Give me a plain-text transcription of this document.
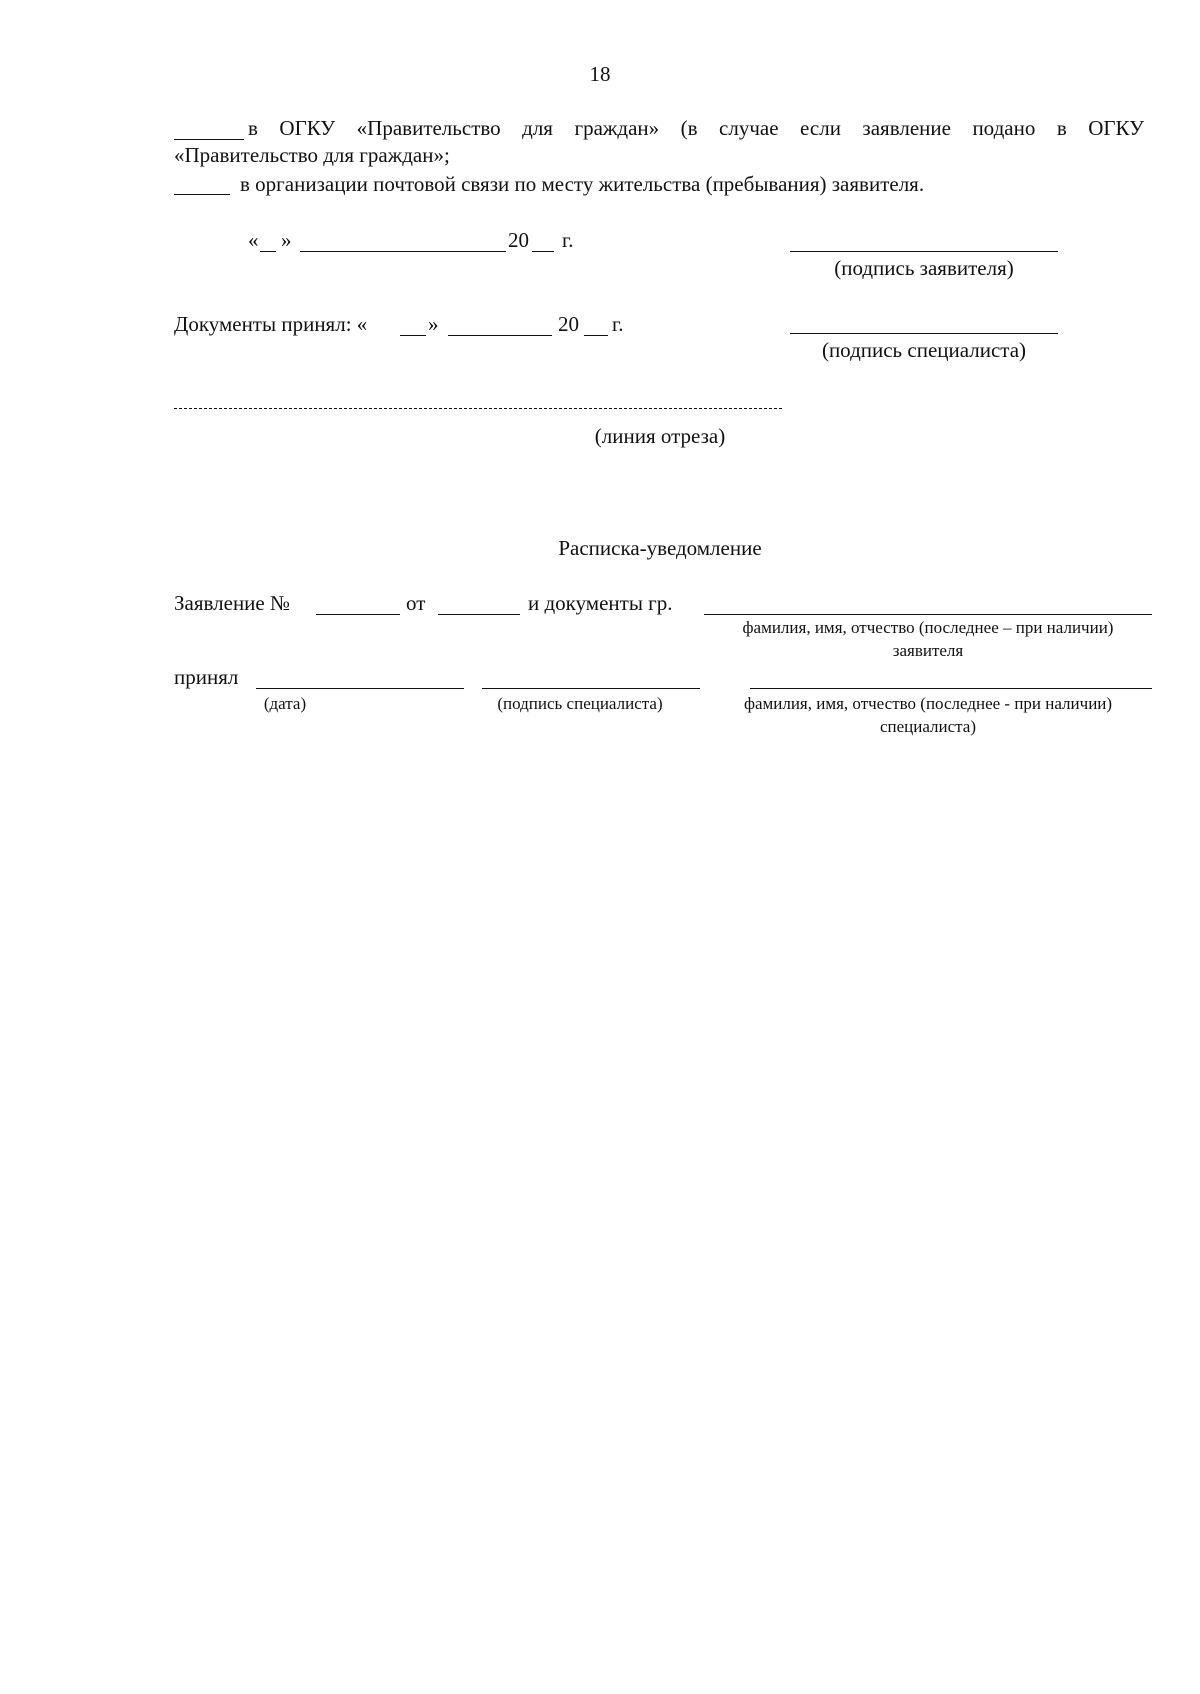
18
в ОГКУ «Правительство для граждан» (в случае если заявление подано в ОГКУ
«Правительство для граждан»;
в организации почтовой связи по месту жительства (пребывания) заявителя.
« »	20 г.
(подпись заявителя)
Документы принял: «	»	20 г.
(подпись специалиста)
(линия отреза)
Расписка-уведомление
Заявление №	от	и документы гр.
фамилия, имя, отчество (последнее – при наличии)
заявителя
принял
(дата)	(подпись специалиста)	фамилия, имя, отчество (последнее - при наличии)
специалиста)
